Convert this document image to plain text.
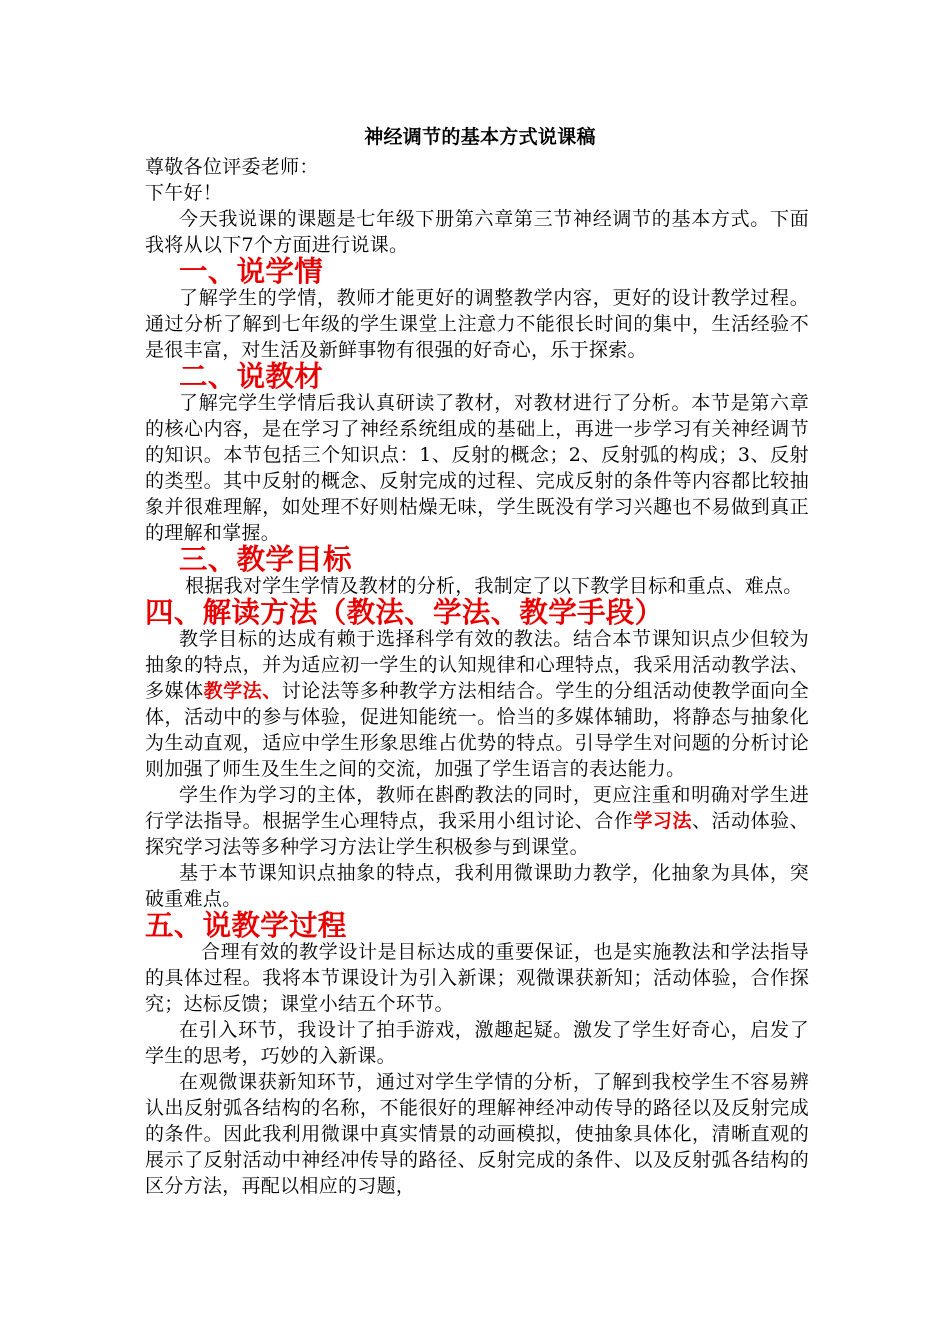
神经调节的基本方式说课稿

尊敬各位评委老师：

下午好！

今天我说课的课题是七年级下册第六章第三节神经调节的基本方式。下面我将从以下7个方面进行说课。

一、说学情

了解学生的学情，教师才能更好的调整教学内容，更好的设计教学过程。通过分析了解到七年级的学生课堂上注意力不能很长时间的集中，生活经验不是很丰富，对生活及新鲜事物有很强的好奇心，乐于探索。

二、说教材

了解完学生学情后我认真研读了教材，对教材进行了分析。本节是第六章的核心内容，是在学习了神经系统组成的基础上，再进一步学习有关神经调节的知识。本节包括三个知识点：1、反射的概念；2、反射弧的构成；3、反射的类型。其中反射的概念、反射完成的过程、完成反射的条件等内容都比较抽象并很难理解，如处理不好则枯燥无味，学生既没有学习兴趣也不易做到真正的理解和掌握。

三、教学目标

根据我对学生学情及教材的分析，我制定了以下教学目标和重点、难点。

四、解读方法（教法、学法、教学手段）

教学目标的达成有赖于选择科学有效的教法。结合本节课知识点少但较为抽象的特点，并为适应初一学生的认知规律和心理特点，我采用活动教学法、多媒体教学法、讨论法等多种教学方法相结合。学生的分组活动使教学面向全体，活动中的参与体验，促进知能统一。恰当的多媒体辅助，将静态与抽象化为生动直观，适应中学生形象思维占优势的特点。引导学生对问题的分析讨论则加强了师生及生生之间的交流，加强了学生语言的表达能力。

学生作为学习的主体，教师在斟酌教法的同时，更应注重和明确对学生进行学法指导。根据学生心理特点，我采用小组讨论、合作学习法、活动体验、探究学习法等多种学习方法让学生积极参与到课堂。

基于本节课知识点抽象的特点，我利用微课助力教学，化抽象为具体，突破重难点。

五、说教学过程

合理有效的教学设计是目标达成的重要保证，也是实施教法和学法指导的具体过程。我将本节课设计为引入新课；观微课获新知；活动体验，合作探究；达标反馈；课堂小结五个环节。

在引入环节，我设计了拍手游戏，激趣起疑。激发了学生好奇心，启发了学生的思考，巧妙的入新课。

在观微课获新知环节，通过对学生学情的分析，了解到我校学生不容易辨认出反射弧各结构的名称，不能很好的理解神经冲动传导的路径以及反射完成的条件。因此我利用微课中真实情景的动画模拟，使抽象具体化，清晰直观的展示了反射活动中神经冲传导的路径、反射完成的条件、以及反射弧各结构的区分方法，再配以相应的习题，
